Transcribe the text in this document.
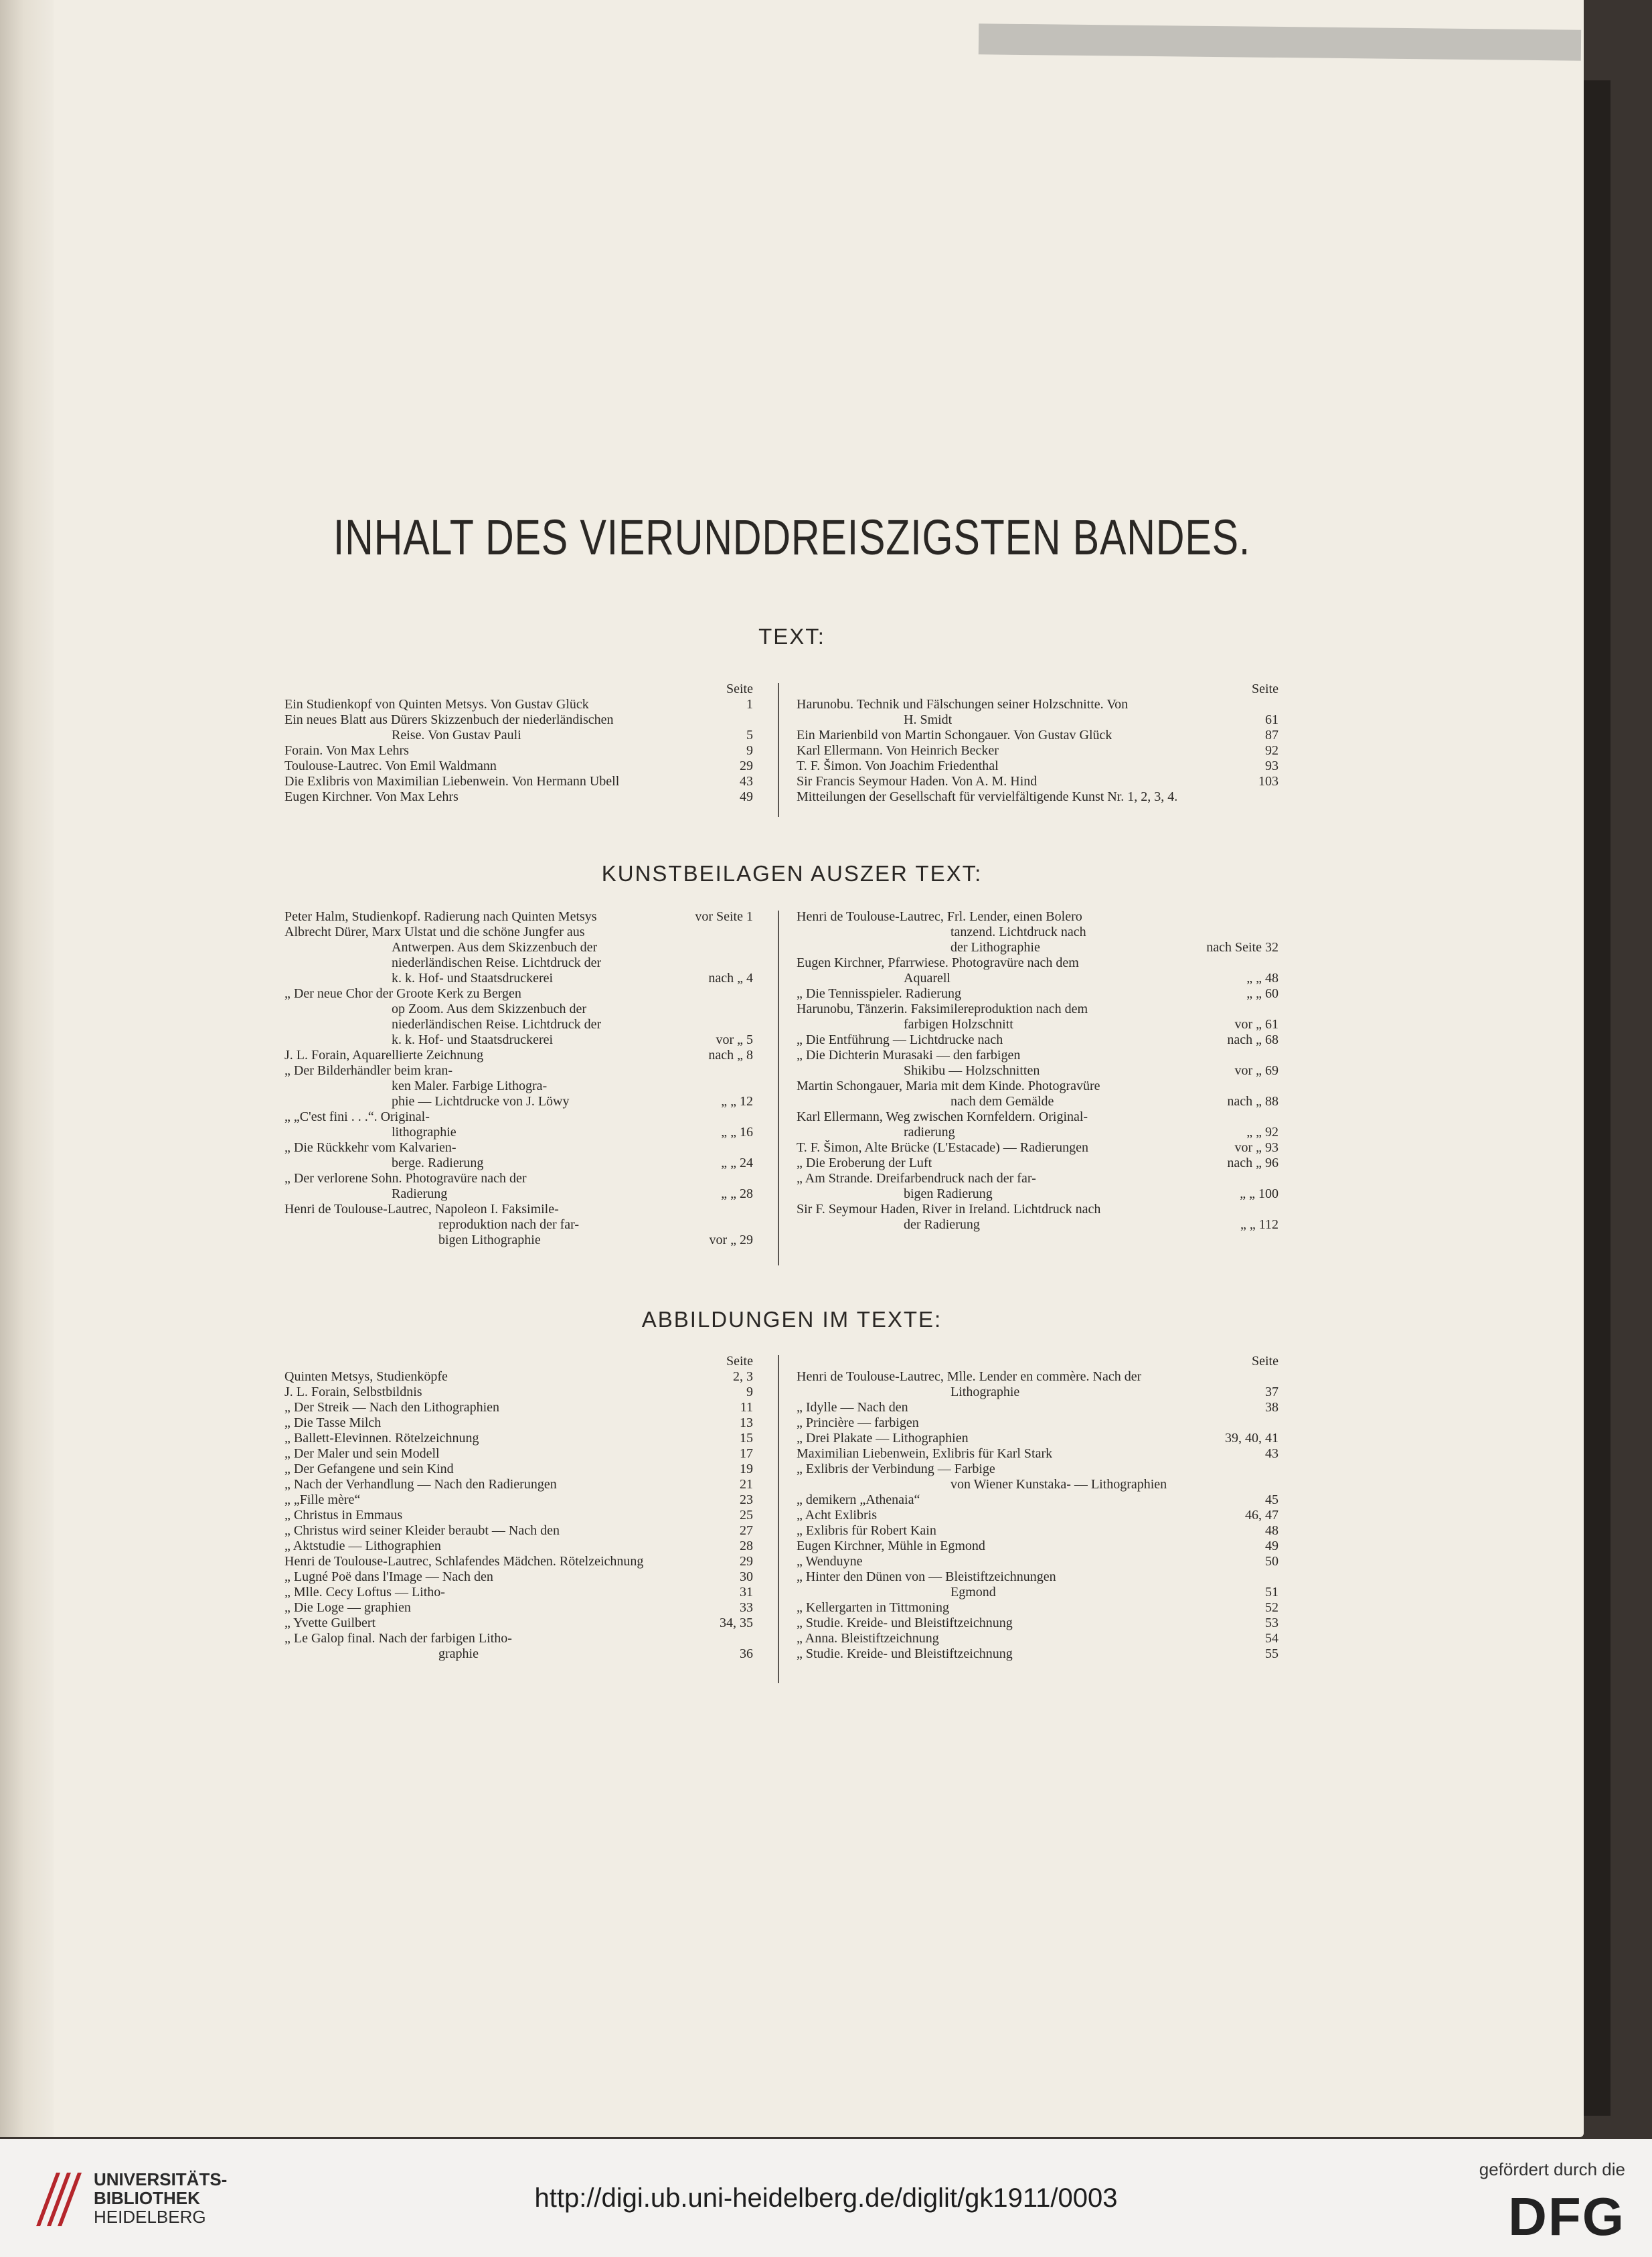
INHALT DES VIERUNDDREISZIGSTEN BANDES.
TEXT:
Seite
Ein Studienkopf von Quinten Metsys. Von Gustav Glück	1
Ein neues Blatt aus Dürers Skizzenbuch der niederländischen
Reise. Von Gustav Pauli	5
Forain. Von Max Lehrs	9
Toulouse-Lautrec. Von Emil Waldmann	29
Die Exlibris von Maximilian Liebenwein. Von Hermann Ubell	43
Eugen Kirchner. Von Max Lehrs	49
Seite
Harunobu. Technik und Fälschungen seiner Holzschnitte. Von
H. Smidt	61
Ein Marienbild von Martin Schongauer. Von Gustav Glück	87
Karl Ellermann. Von Heinrich Becker	92
T. F. Šimon. Von Joachim Friedenthal	93
Sir Francis Seymour Haden. Von A. M. Hind	103
Mitteilungen der Gesellschaft für vervielfältigende Kunst Nr. 1, 2, 3, 4.
KUNSTBEILAGEN AUSZER TEXT:
Peter Halm, Studienkopf. Radierung nach Quinten Metsys	vor Seite 1
Albrecht Dürer, Marx Ulstat und die schöne Jungfer aus
Antwerpen. Aus dem Skizzenbuch der
niederländischen Reise. Lichtdruck der
k. k. Hof- und Staatsdruckerei	nach „ 4
„ Der neue Chor der Groote Kerk zu Bergen
op Zoom. Aus dem Skizzenbuch der
niederländischen Reise. Lichtdruck der
k. k. Hof- und Staatsdruckerei	vor „ 5
J. L. Forain, Aquarellierte Zeichnung	nach „ 8
„ Der Bilderhändler beim kran-
ken Maler. Farbige Lithogra-
phie — Lichtdrucke von J. Löwy	„ „ 12
„ „C'est fini . . .“. Original-
lithographie	„ „ 16
„ Die Rückkehr vom Kalvarien-
berge. Radierung	„ „ 24
„ Der verlorene Sohn. Photogravüre nach der
Radierung	„ „ 28
Henri de Toulouse-Lautrec, Napoleon I. Faksimile-
reproduktion nach der far-
bigen Lithographie	vor „ 29
Henri de Toulouse-Lautrec, Frl. Lender, einen Bolero
tanzend. Lichtdruck nach
der Lithographie	nach Seite 32
Eugen Kirchner, Pfarrwiese. Photogravüre nach dem
Aquarell	„ „ 48
„ Die Tennisspieler. Radierung	„ „ 60
Harunobu, Tänzerin. Faksimilereproduktion nach dem
farbigen Holzschnitt	vor „ 61
„ Die Entführung — Lichtdrucke nach	nach „ 68
„ Die Dichterin Murasaki — den farbigen
Shikibu — Holzschnitten	vor „ 69
Martin Schongauer, Maria mit dem Kinde. Photogravüre
nach dem Gemälde	nach „ 88
Karl Ellermann, Weg zwischen Kornfeldern. Original-
radierung	„ „ 92
T. F. Šimon, Alte Brücke (L'Estacade) — Radierungen	vor „ 93
„ Die Eroberung der Luft	nach „ 96
„ Am Strande. Dreifarbendruck nach der far-
bigen Radierung	„ „ 100
Sir F. Seymour Haden, River in Ireland. Lichtdruck nach
der Radierung	„ „ 112
ABBILDUNGEN IM TEXTE:
Seite
Quinten Metsys, Studienköpfe	2, 3
J. L. Forain, Selbstbildnis	9
„ Der Streik — Nach den Lithographien	11
„ Die Tasse Milch	13
„ Ballett-Elevinnen. Rötelzeichnung	15
„ Der Maler und sein Modell	17
„ Der Gefangene und sein Kind	19
„ Nach der Verhandlung — Nach den Radierungen	21
„ „Fille mère“	23
„ Christus in Emmaus	25
„ Christus wird seiner Kleider beraubt — Nach den	27
„ Aktstudie — Lithographien	28
Henri de Toulouse-Lautrec, Schlafendes Mädchen. Rötelzeichnung	29
„ Lugné Poë dans l'Image — Nach den	30
„ Mlle. Cecy Loftus — Litho-	31
„ Die Loge — graphien	33
„ Yvette Guilbert	34, 35
„ Le Galop final. Nach der farbigen Litho-
graphie	36
Seite
Henri de Toulouse-Lautrec, Mlle. Lender en commère. Nach der
Lithographie	37
„ Idylle — Nach den	38
„ Princière — farbigen
„ Drei Plakate — Lithographien	39, 40, 41
Maximilian Liebenwein, Exlibris für Karl Stark	43
„ Exlibris der Verbindung — Farbige
von Wiener Kunstaka- — Lithographien
„ demikern „Athenaia“	45
„ Acht Exlibris	46, 47
„ Exlibris für Robert Kain	48
Eugen Kirchner, Mühle in Egmond	49
„ Wenduyne	50
„ Hinter den Dünen von — Bleistiftzeichnungen
Egmond	51
„ Kellergarten in Tittmoning	52
„ Studie. Kreide- und Bleistiftzeichnung	53
„ Anna. Bleistiftzeichnung	54
„ Studie. Kreide- und Bleistiftzeichnung	55
UNIVERSITÄTS-
BIBLIOTHEK
HEIDELBERG
http://digi.ub.uni-heidelberg.de/diglit/gk1911/0003
gefördert durch die
DFG
